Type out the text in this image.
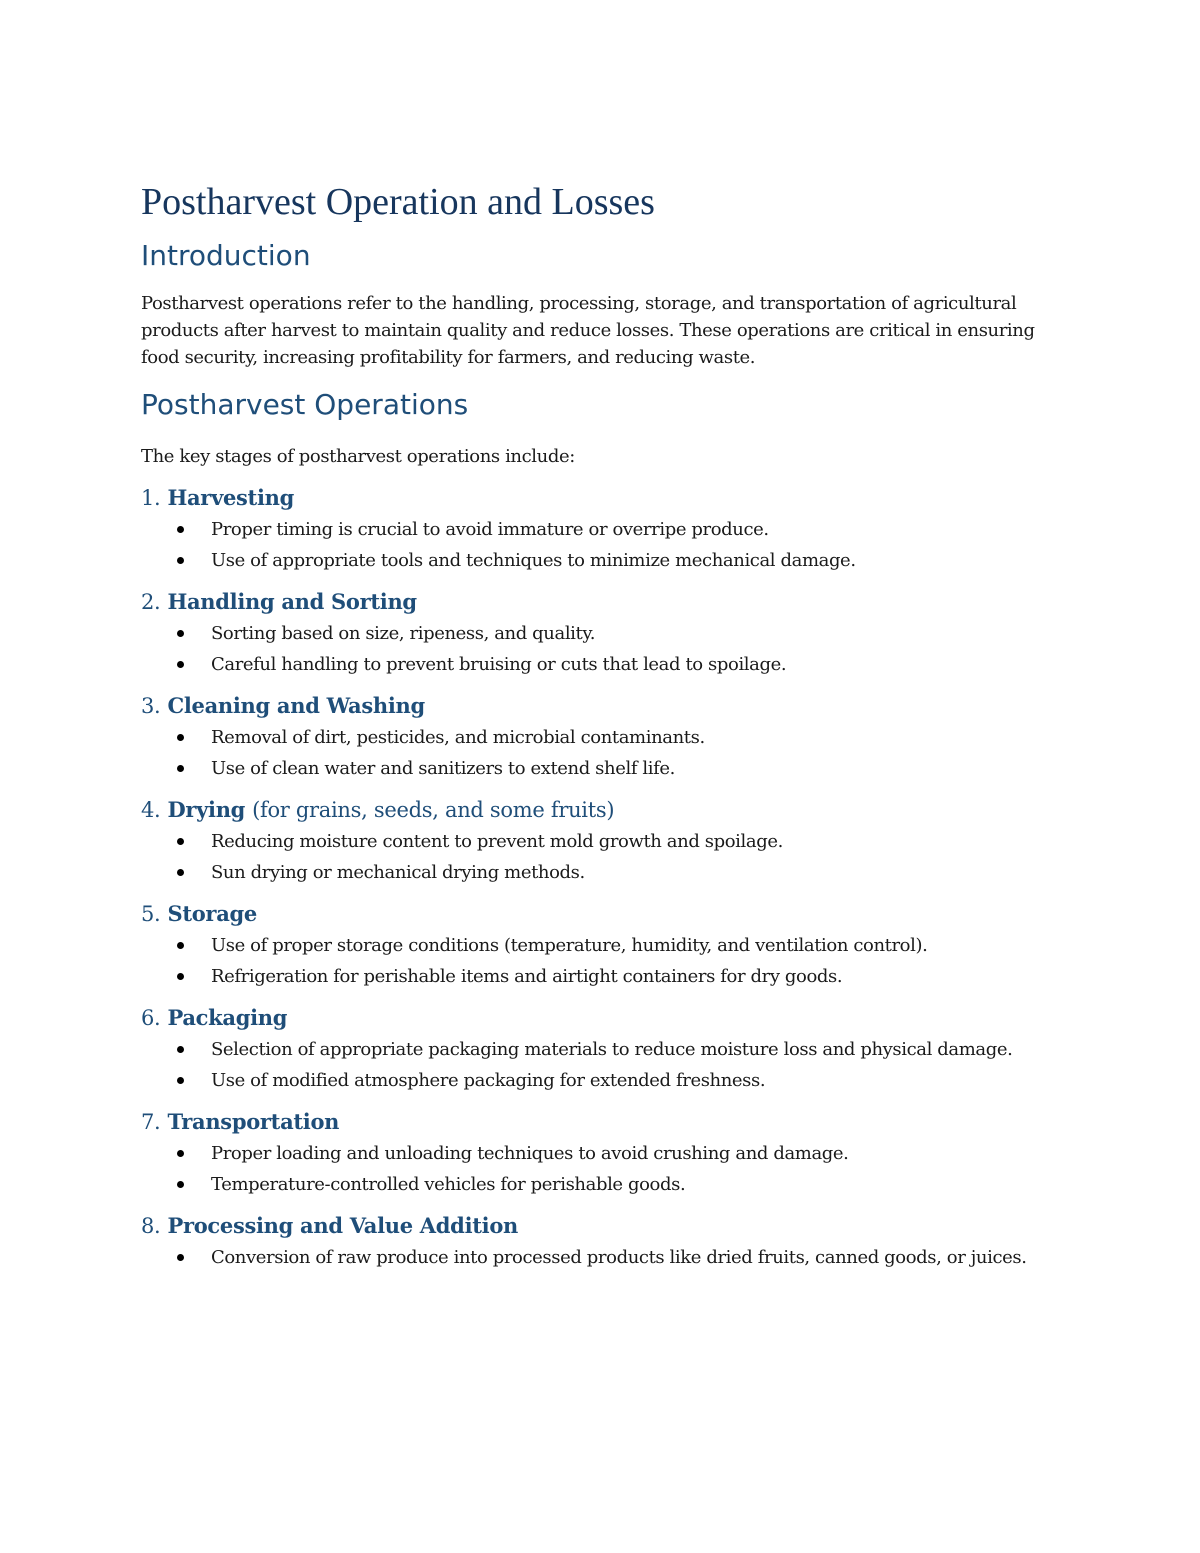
Postharvest Operation and Losses
Introduction

Postharvest operations refer to the handling, processing, storage, and transportation of agricultural products after harvest to maintain quality and reduce losses. These operations are critical in ensuring food security, increasing profitability for farmers, and reducing waste.

Postharvest Operations

The key stages of postharvest operations include:

1. Harvesting
Proper timing is crucial to avoid immature or overripe produce.
Use of appropriate tools and techniques to minimize mechanical damage.
2. Handling and Sorting
Sorting based on size, ripeness, and quality.
Careful handling to prevent bruising or cuts that lead to spoilage.
3. Cleaning and Washing
Removal of dirt, pesticides, and microbial contaminants.
Use of clean water and sanitizers to extend shelf life.
4. Drying (for grains, seeds, and some fruits)
Reducing moisture content to prevent mold growth and spoilage.
Sun drying or mechanical drying methods.
5. Storage
Use of proper storage conditions (temperature, humidity, and ventilation control).
Refrigeration for perishable items and airtight containers for dry goods.
6. Packaging
Selection of appropriate packaging materials to reduce moisture loss and physical damage.
Use of modified atmosphere packaging for extended freshness.
7. Transportation
Proper loading and unloading techniques to avoid crushing and damage.
Temperature-controlled vehicles for perishable goods.
8. Processing and Value Addition
Conversion of raw produce into processed products like dried fruits, canned goods, or juices.
